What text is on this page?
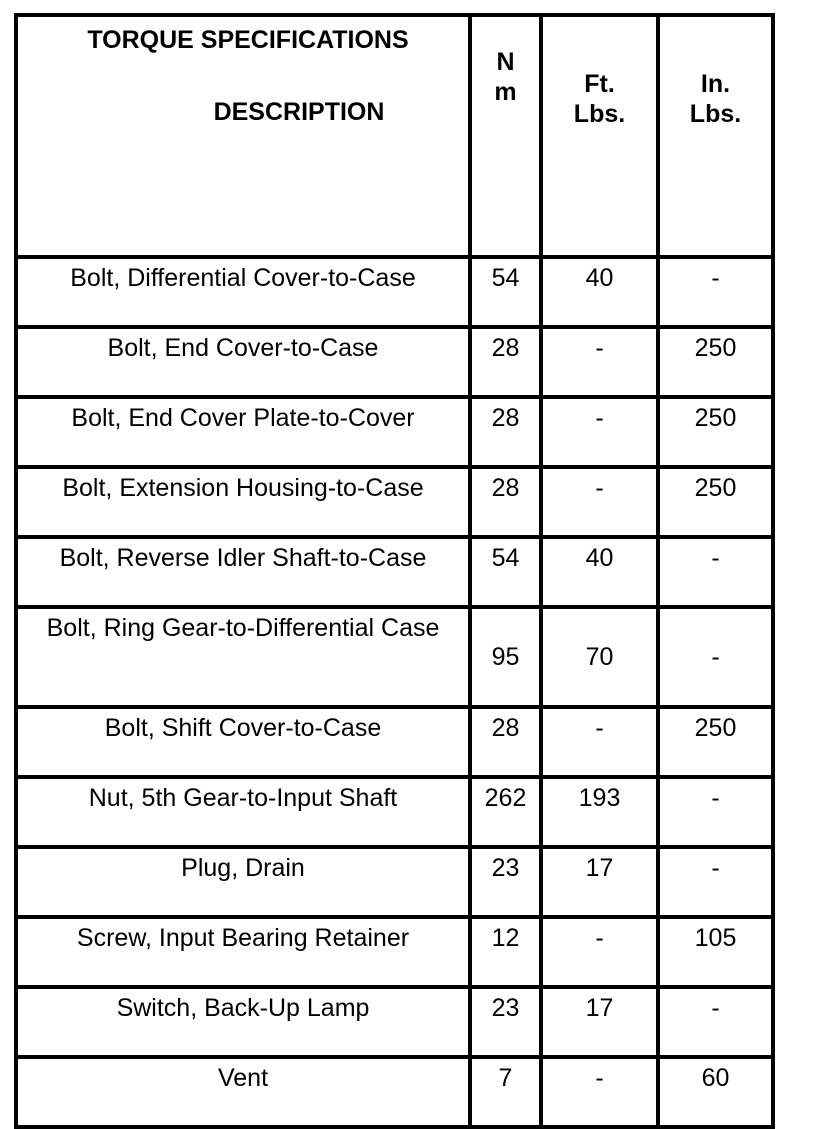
TORQUE SPECIFICATIONS
DESCRIPTION	N m	Ft. Lbs.	In. Lbs.

Bolt, Differential Cover-to-Case	54	40	-
Bolt, End Cover-to-Case	28	-	250
Bolt, End Cover Plate-to-Cover	28	-	250
Bolt, Extension Housing-to-Case	28	-	250
Bolt, Reverse Idler Shaft-to-Case	54	40	-
Bolt, Ring Gear-to-Differential Case	95	70	-
Bolt, Shift Cover-to-Case	28	-	250
Nut, 5th Gear-to-Input Shaft	262	193	-
Plug, Drain	23	17	-
Screw, Input Bearing Retainer	12	-	105
Switch, Back-Up Lamp	23	17	-
Vent	7	-	60
